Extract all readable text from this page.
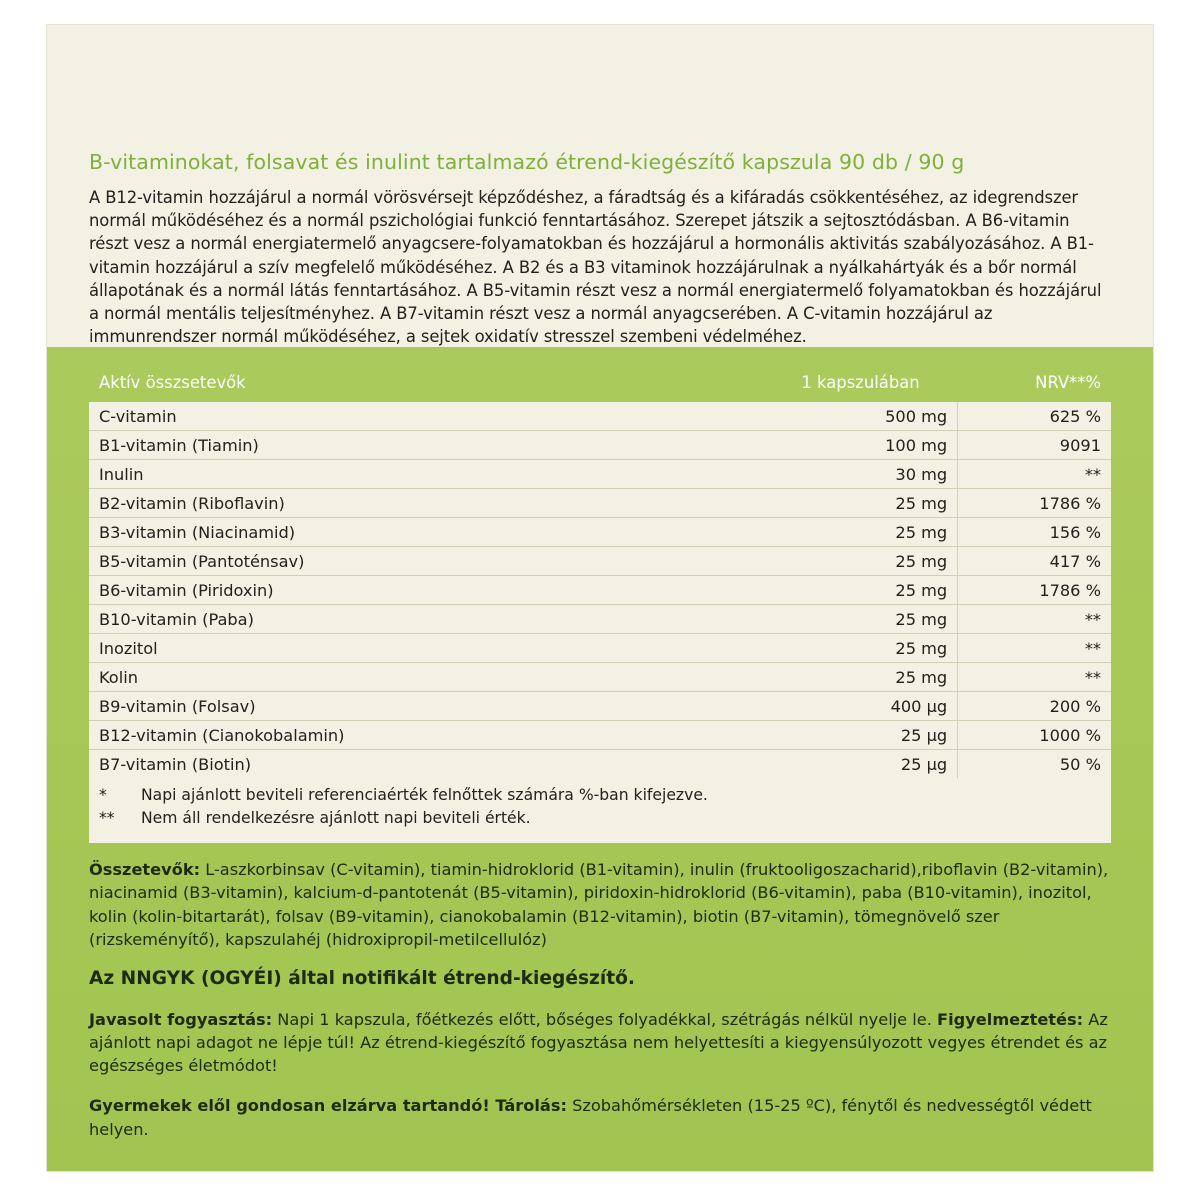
B-vitaminokat, folsavat és inulint tartalmazó étrend-kiegészítő kapszula 90 db / 90 g

A B12-vitamin hozzájárul a normál vörösvérsejt képződéshez, a fáradtság és a kifáradás csökkentéséhez, az idegrendszer normál működéséhez és a normál pszichológiai funkció fenntartásához. Szerepet játszik a sejtosztódásban. A B6-vitamin részt vesz a normál energiatermelő anyagcsere-folyamatokban és hozzájárul a hormonális aktivitás szabályozásához. A B1-vitamin hozzájárul a szív megfelelő működéséhez. A B2 és a B3 vitaminok hozzájárulnak a nyálkahártyák és a bőr normál állapotának és a normál látás fenntartásához. A B5-vitamin részt vesz a normál energiatermelő folyamatokban és hozzájárul a normál mentális teljesítményhez. A B7-vitamin részt vesz a normál anyagcserében. A C-vitamin hozzájárul az immunrendszer normál működéséhez, a sejtek oxidatív stresszel szembeni védelméhez.

Aktív összsetevők	1 kapszulában	NRV**%
C-vitamin	500 mg	625 %
B1-vitamin (Tiamin)	100 mg	9091
Inulin	30 mg	**
B2-vitamin (Riboflavin)	25 mg	1786 %
B3-vitamin (Niacinamid)	25 mg	156 %
B5-vitamin (Pantoténsav)	25 mg	417 %
B6-vitamin (Piridoxin)	25 mg	1786 %
B10-vitamin (Paba)	25 mg	**
Inozitol	25 mg	**
Kolin	25 mg	**
B9-vitamin (Folsav)	400 µg	200 %
B12-vitamin (Cianokobalamin)	25 µg	1000 %
B7-vitamin (Biotin)	25 µg	50 %
*	Napi ajánlott beviteli referenciaérték felnőttek számára %-ban kifejezve.
**	Nem áll rendelkezésre ajánlott napi beviteli érték.

Összetevők: L-aszkorbinsav (C-vitamin), tiamin-hidroklorid (B1-vitamin), inulin (fruktooligoszacharid),riboflavin (B2-vitamin), niacinamid (B3-vitamin), kalcium-d-pantotenát (B5-vitamin), piridoxin-hidroklorid (B6-vitamin), paba (B10-vitamin), inozitol, kolin (kolin-bitartarát), folsav (B9-vitamin), cianokobalamin (B12-vitamin), biotin (B7-vitamin), tömegnövelő szer (rizskeményítő), kapszulahéj (hidroxipropil-metilcellulóz)

Az NNGYK (OGYÉI) által notifikált étrend-kiegészítő.

Javasolt fogyasztás: Napi 1 kapszula, főétkezés előtt, bőséges folyadékkal, szétrágás nélkül nyelje le. Figyelmeztetés: Az ajánlott napi adagot ne lépje túl! Az étrend-kiegészítő fogyasztása nem helyettesíti a kiegyensúlyozott vegyes étrendet és az egészséges életmódot!

Gyermekek elől gondosan elzárva tartandó! Tárolás: Szobahőmérsékleten (15-25 ºC), fénytől és nedvességtől védett helyen.
